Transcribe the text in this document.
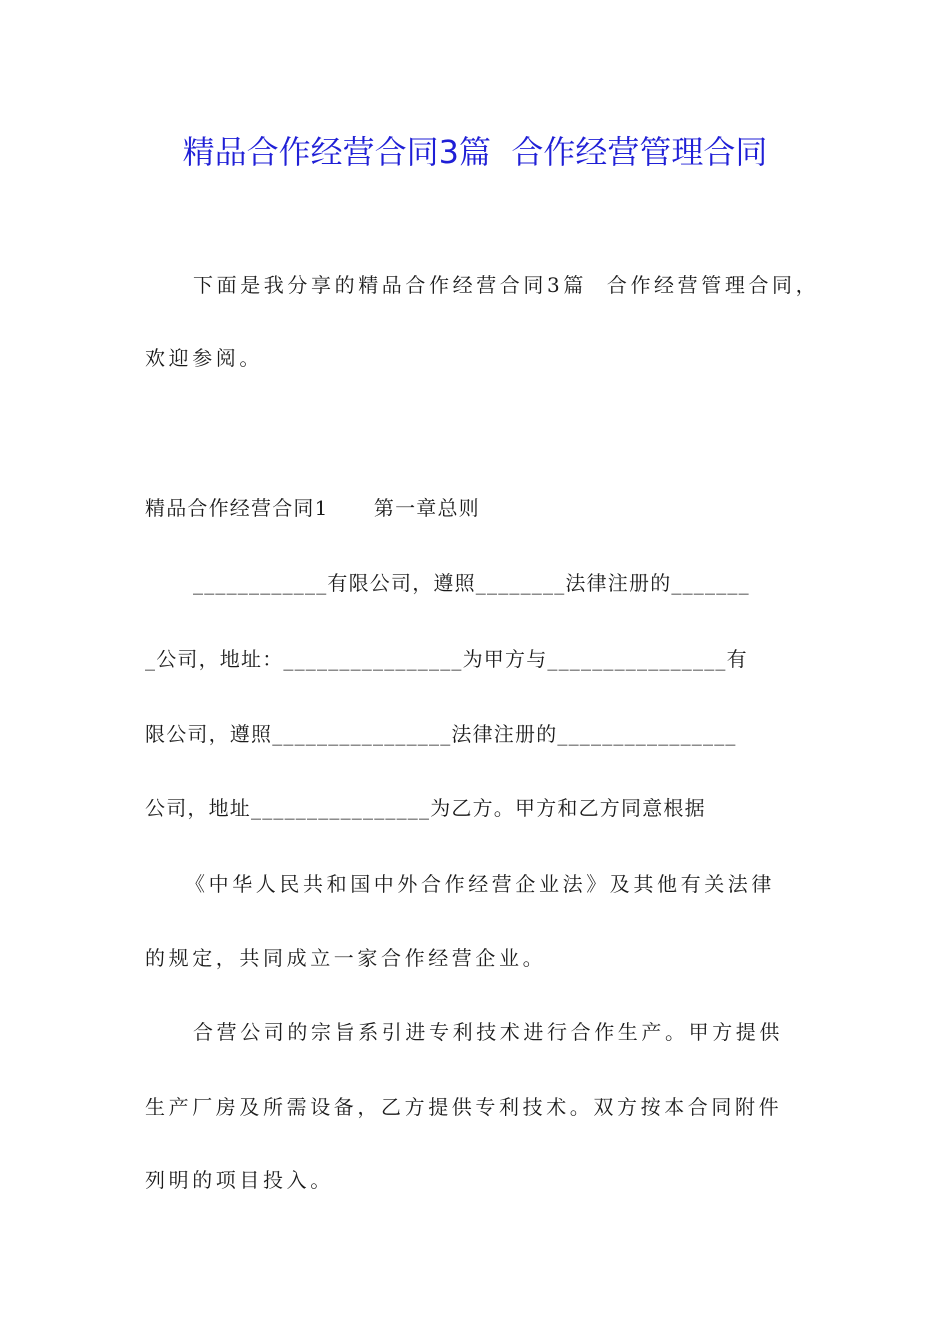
精品合作经营合同3篇  合作经营管理合同
下面是我分享的精品合作经营合同3篇  合作经营管理合同，
欢迎参阅。
精品合作经营合同1      第一章总则
____________有限公司，遵照________法律注册的_______
_公司，地址：________________为甲方与________________有
限公司，遵照________________法律注册的________________
公司，地址________________为乙方。甲方和乙方同意根据
《中华人民共和国中外合作经营企业法》及其他有关法律
的规定，共同成立一家合作经营企业。
合营公司的宗旨系引进专利技术进行合作生产。甲方提供
生产厂房及所需设备，乙方提供专利技术。双方按本合同附件
列明的项目投入。
